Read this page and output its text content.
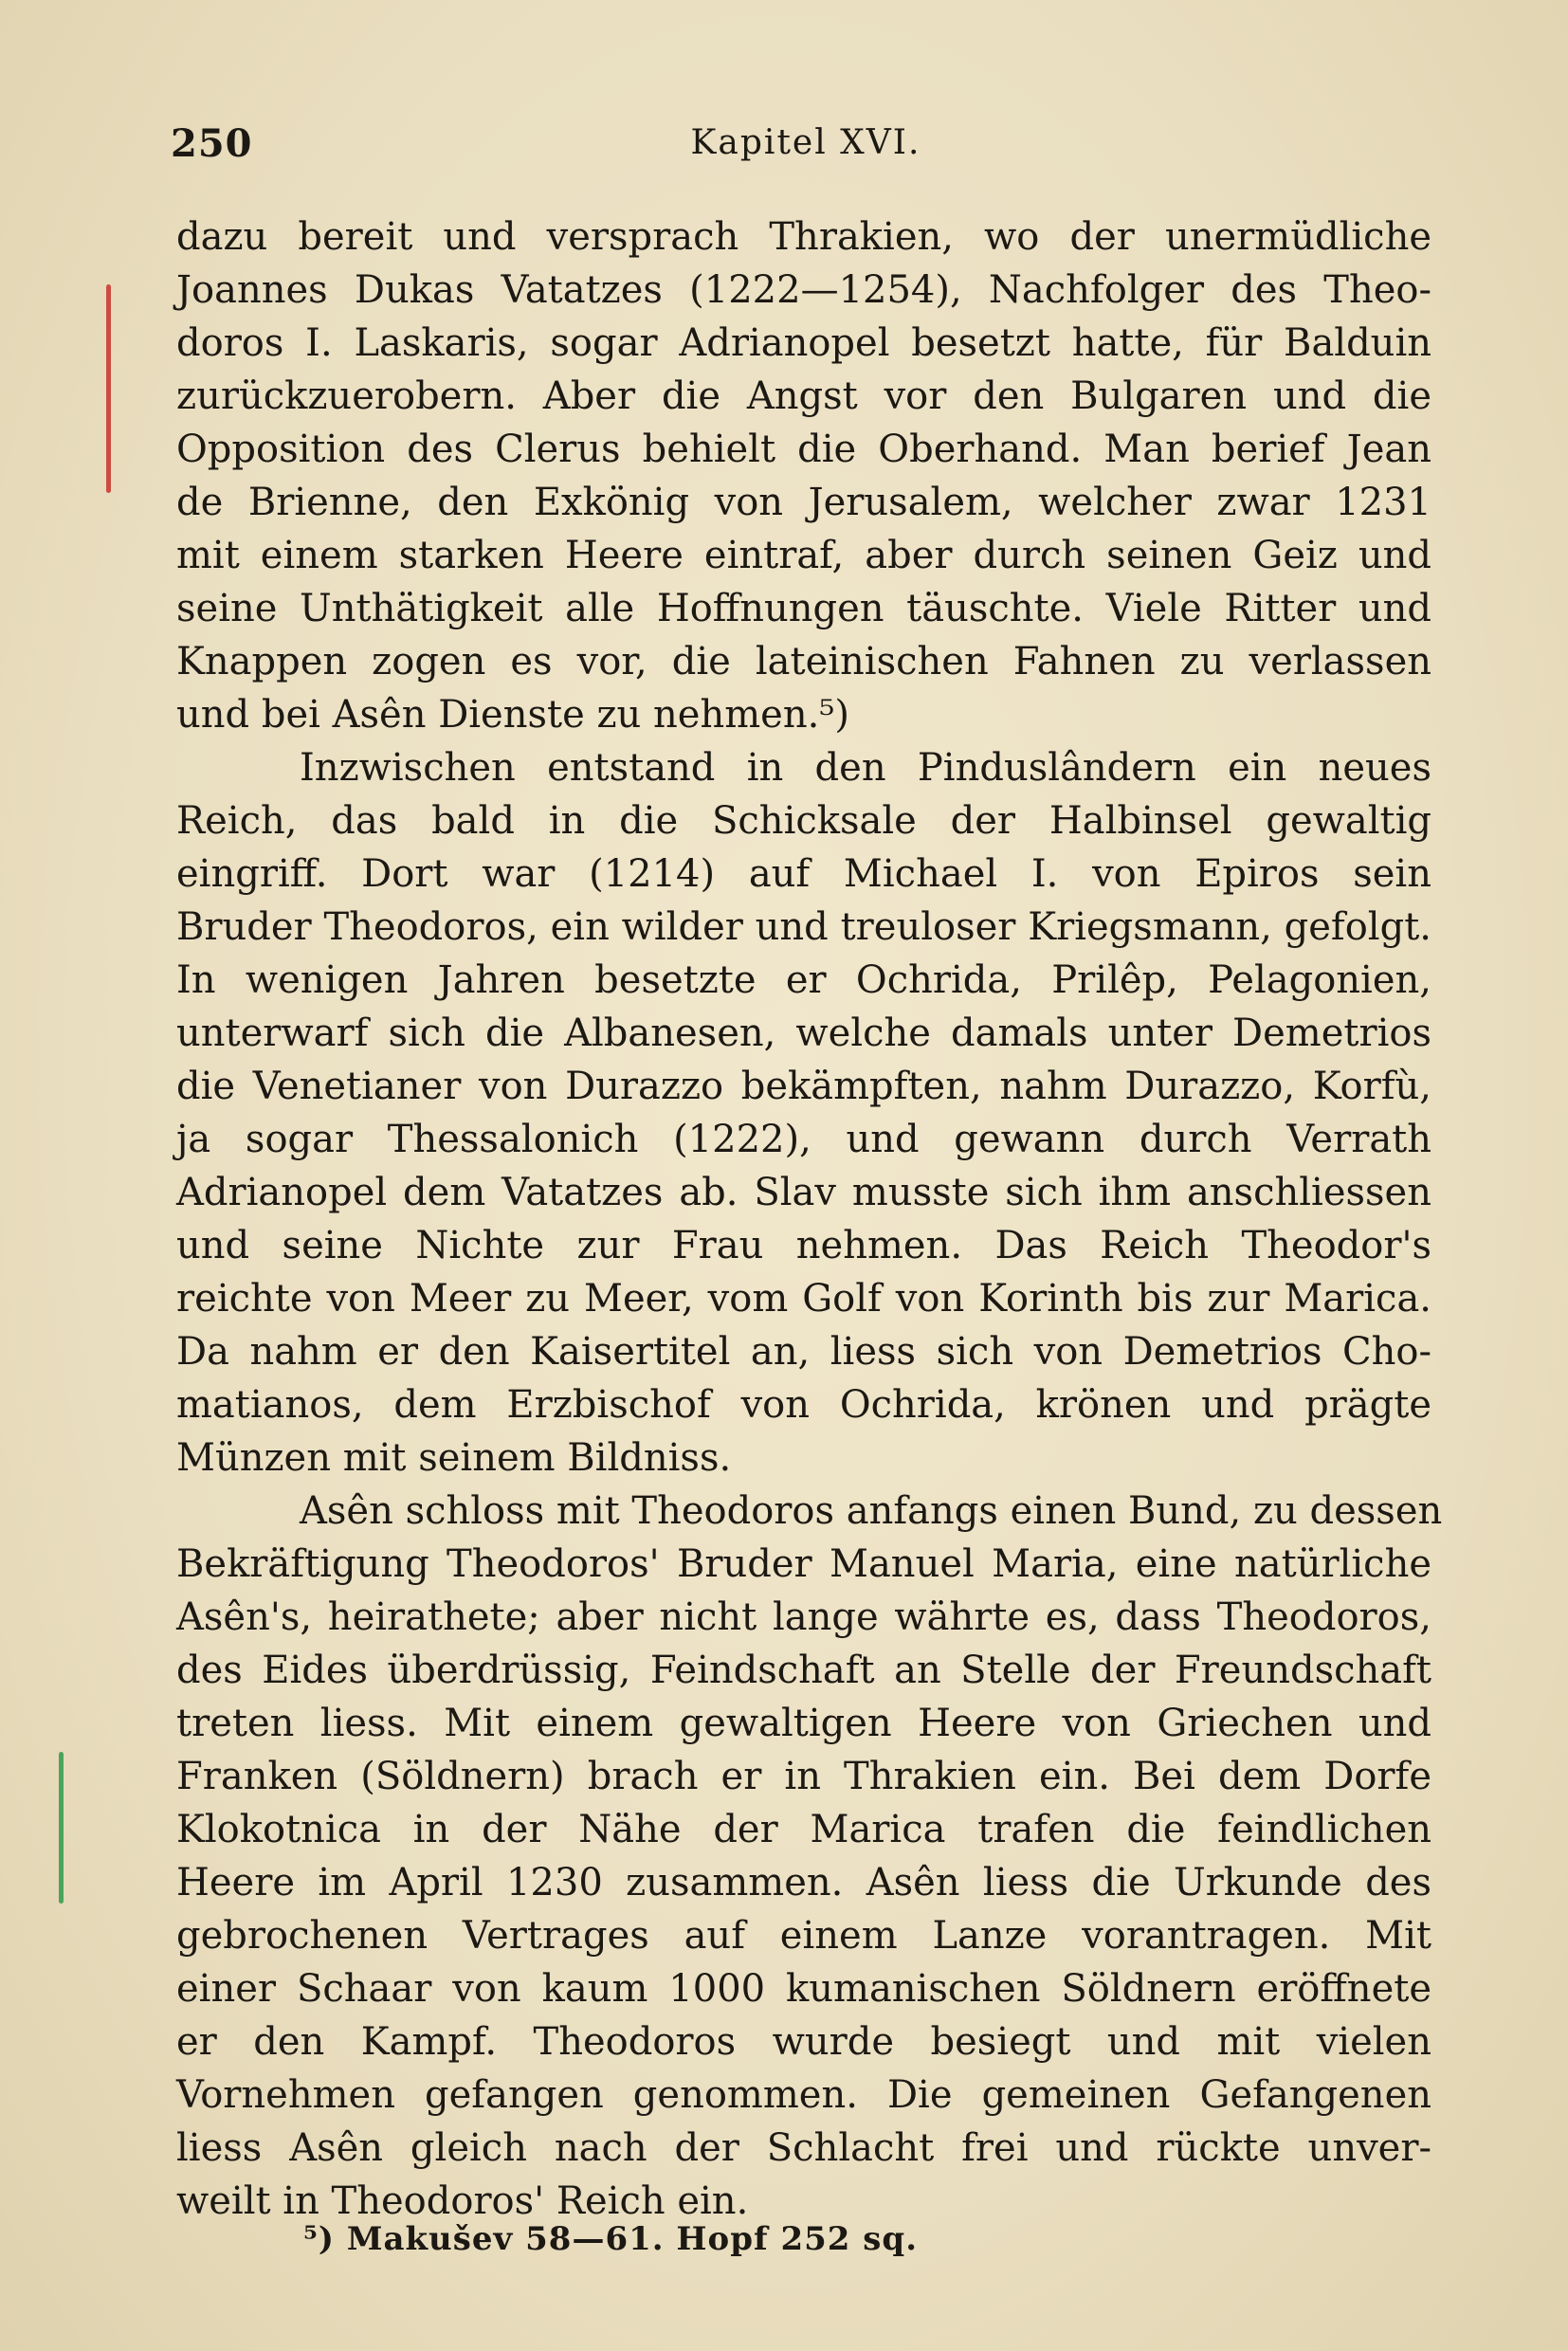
250	Kapitel XVI.
dazu bereit und versprach Thrakien, wo der unermüdliche
Joannes Dukas Vatatzes (1222—1254), Nachfolger des Theo-
doros I. Laskaris, sogar Adrianopel besetzt hatte, für Balduin
zurückzuerobern. Aber die Angst vor den Bulgaren und die
Opposition des Clerus behielt die Oberhand. Man berief Jean
de Brienne, den Exkönig von Jerusalem, welcher zwar 1231
mit einem starken Heere eintraf, aber durch seinen Geiz und
seine Unthätigkeit alle Hoffnungen täuschte. Viele Ritter und
Knappen zogen es vor, die lateinischen Fahnen zu verlassen
und bei Asên Dienste zu nehmen.⁵)
Inzwischen entstand in den Pinduslândern ein neues
Reich, das bald in die Schicksale der Halbinsel gewaltig
eingriff. Dort war (1214) auf Michael I. von Epiros sein
Bruder Theodoros, ein wilder und treuloser Kriegsmann, gefolgt.
In wenigen Jahren besetzte er Ochrida, Prilêp, Pelagonien,
unterwarf sich die Albanesen, welche damals unter Demetrios
die Venetianer von Durazzo bekämpften, nahm Durazzo, Korfù,
ja sogar Thessalonich (1222), und gewann durch Verrath
Adrianopel dem Vatatzes ab. Slav musste sich ihm anschliessen
und seine Nichte zur Frau nehmen. Das Reich Theodor's
reichte von Meer zu Meer, vom Golf von Korinth bis zur Marica.
Da nahm er den Kaisertitel an, liess sich von Demetrios Cho-
matianos, dem Erzbischof von Ochrida, krönen und prägte
Münzen mit seinem Bildniss.
Asên schloss mit Theodoros anfangs einen Bund, zu dessen
Bekräftigung Theodoros' Bruder Manuel Maria, eine natürliche
Asên's, heirathete; aber nicht lange währte es, dass Theodoros,
des Eides überdrüssig, Feindschaft an Stelle der Freundschaft
treten liess. Mit einem gewaltigen Heere von Griechen und
Franken (Söldnern) brach er in Thrakien ein. Bei dem Dorfe
Klokotnica in der Nähe der Marica trafen die feindlichen
Heere im April 1230 zusammen. Asên liess die Urkunde des
gebrochenen Vertrages auf einem Lanze vorantragen. Mit
einer Schaar von kaum 1000 kumanischen Söldnern eröffnete
er den Kampf. Theodoros wurde besiegt und mit vielen
Vornehmen gefangen genommen. Die gemeinen Gefangenen
liess Asên gleich nach der Schlacht frei und rückte unver-
weilt in Theodoros' Reich ein.
⁵) Makušev 58—61. Hopf 252 sq.
